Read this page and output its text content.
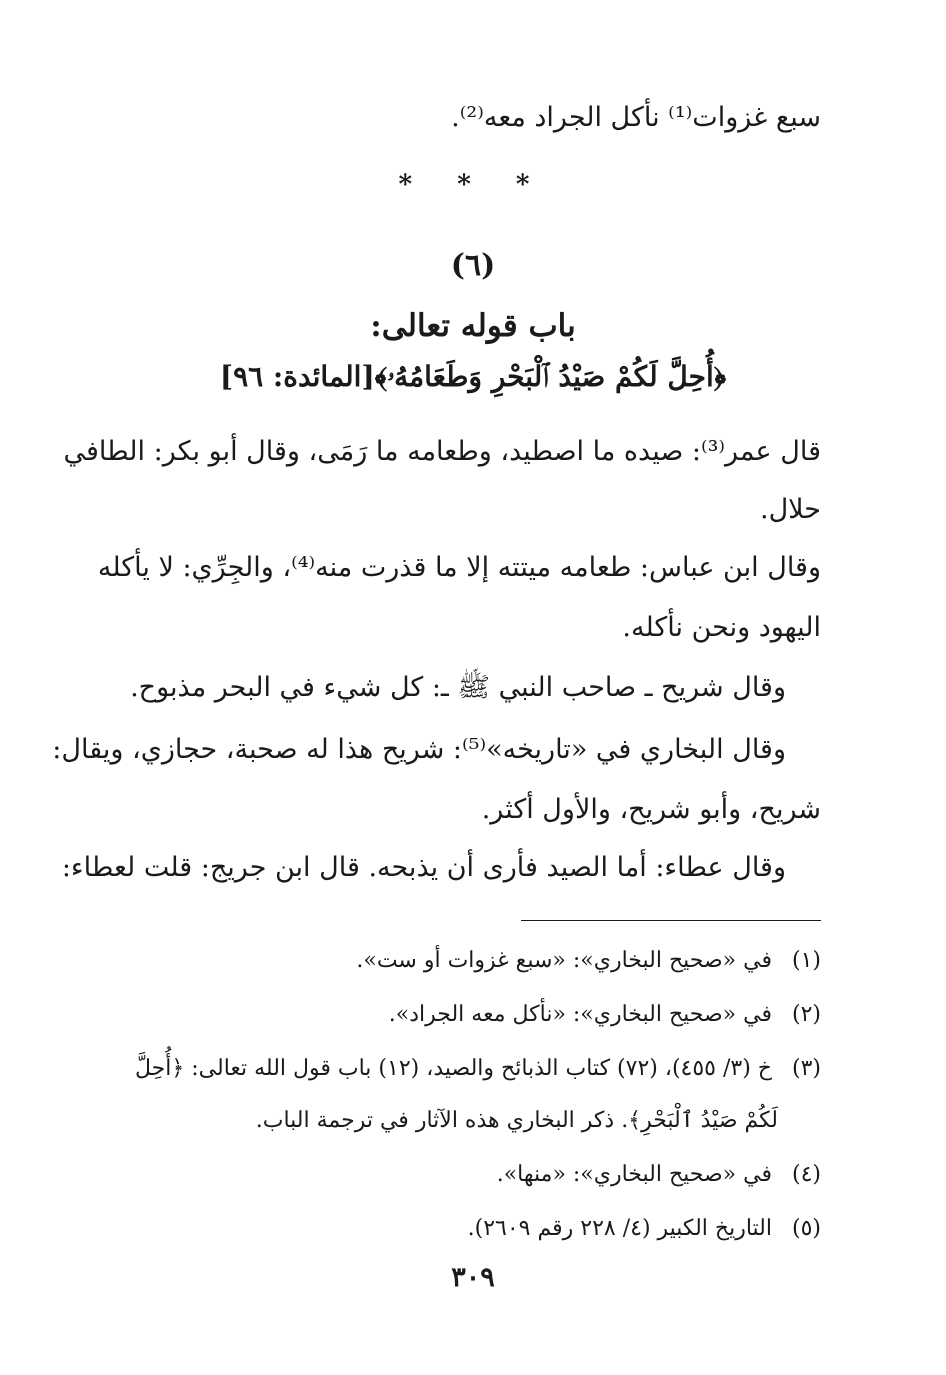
سبع غزوات⁽¹⁾ نأكل الجراد معه⁽²⁾.
* * *
(٦)
باب قوله تعالى:
﴿أُحِلَّ لَكُمْ صَيْدُ ٱلْبَحْرِ وَطَعَامُهُۥ﴾[المائدة: ٩٦]
قال عمر⁽³⁾: صيده ما اصطيد، وطعامه ما رَمَى، وقال أبو بكر: الطافي
حلال.
وقال ابن عباس: طعامه ميتته إلا ما قذرت منه⁽⁴⁾، والجِرِّي: لا يأكله
اليهود ونحن نأكله.
وقال شريح ـ صاحب النبي ﷺ ـ: كل شيء في البحر مذبوح.
وقال البخاري في «تاريخه»⁽⁵⁾: شريح هذا له صحبة، حجازي، ويقال:
شريح، وأبو شريح، والأول أكثر.
وقال عطاء: أما الصيد فأرى أن يذبحه. قال ابن جريج: قلت لعطاء:
(١) في «صحيح البخاري»: «سبع غزوات أو ست».
(٢) في «صحيح البخاري»: «نأكل معه الجراد».
(٣) خ (٣/ ٤٥٥)، (٧٢) كتاب الذبائح والصيد، (١٢) باب قول الله تعالى: ﴿أُحِلَّ
لَكُمْ صَيْدُ ٱلْبَحْرِ﴾. ذكر البخاري هذه الآثار في ترجمة الباب.
(٤) في «صحيح البخاري»: «منها».
(٥) التاريخ الكبير (٤/ ٢٢٨ رقم ٢٦٠٩).
٣٠٩
